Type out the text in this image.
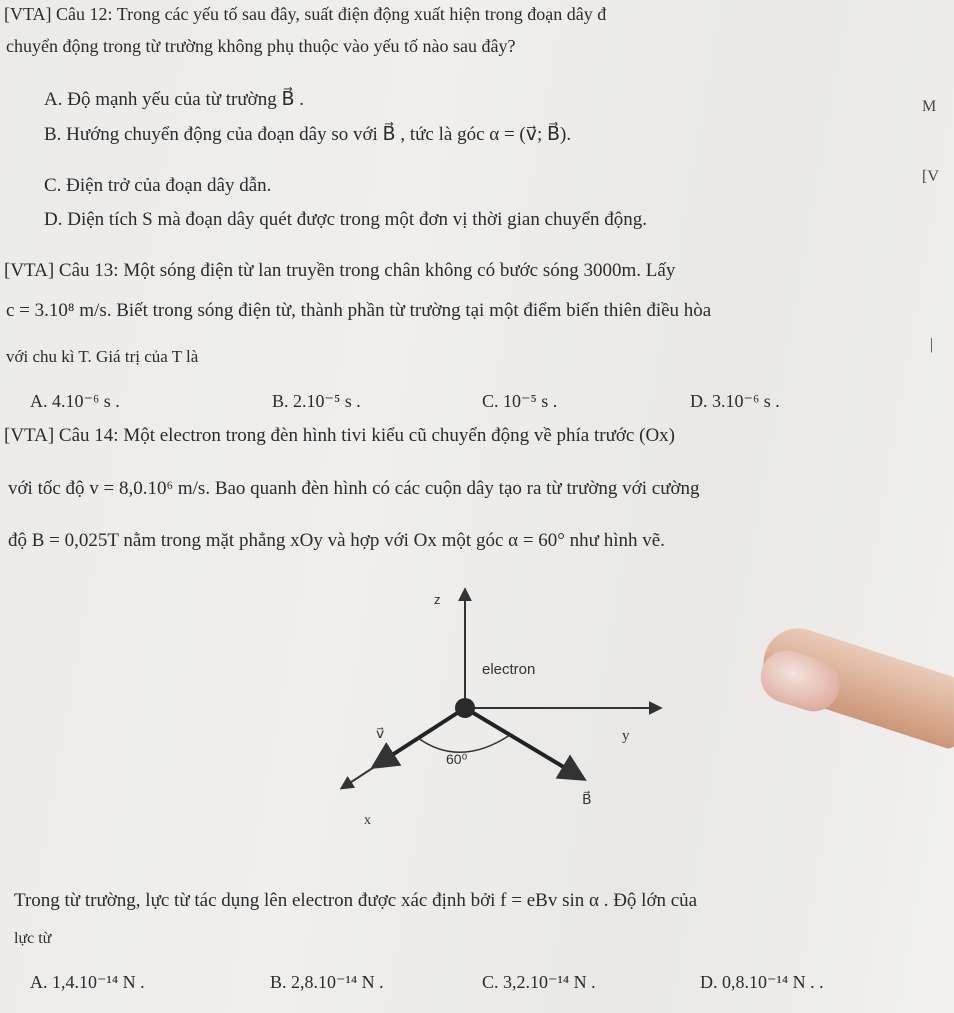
[VTA] Câu 12: Trong các yếu tố sau đây, suất điện động xuất hiện trong đoạn dây đ
chuyển động trong từ trường không phụ thuộc vào yếu tố nào sau đây?
A. Độ mạnh yếu của từ trường B⃗ .
B. Hướng chuyển động của đoạn dây so với B⃗ , tức là góc α = (v⃗; B⃗).
C. Điện trở của đoạn dây dẫn.
D. Diện tích S mà đoạn dây quét được trong một đơn vị thời gian chuyển động.
M
[V
|
[VTA] Câu 13: Một sóng điện từ lan truyền trong chân không có bước sóng 3000m. Lấy
c = 3.10⁸ m/s. Biết trong sóng điện từ, thành phần từ trường tại một điểm biến thiên điều hòa
với chu kì T. Giá trị của T là
A. 4.10⁻⁶ s .	B. 2.10⁻⁵ s .	C. 10⁻⁵ s .	D. 3.10⁻⁶ s .
[VTA] Câu 14: Một electron trong đèn hình tivi kiểu cũ chuyển động về phía trước (Ox)
với tốc độ v = 8,0.10⁶ m/s. Bao quanh đèn hình có các cuộn dây tạo ra từ trường với cường
độ B = 0,025T nằm trong mặt phẳng xOy và hợp với Ox một góc α = 60° như hình vẽ.
z
electron
v⃗	y
60⁰
B⃗
x
Trong từ trường, lực từ tác dụng lên electron được xác định bởi f = eBv sin α . Độ lớn của
lực từ
A. 1,4.10⁻¹⁴ N .	B. 2,8.10⁻¹⁴ N .	C. 3,2.10⁻¹⁴ N .	D. 0,8.10⁻¹⁴ N . .
